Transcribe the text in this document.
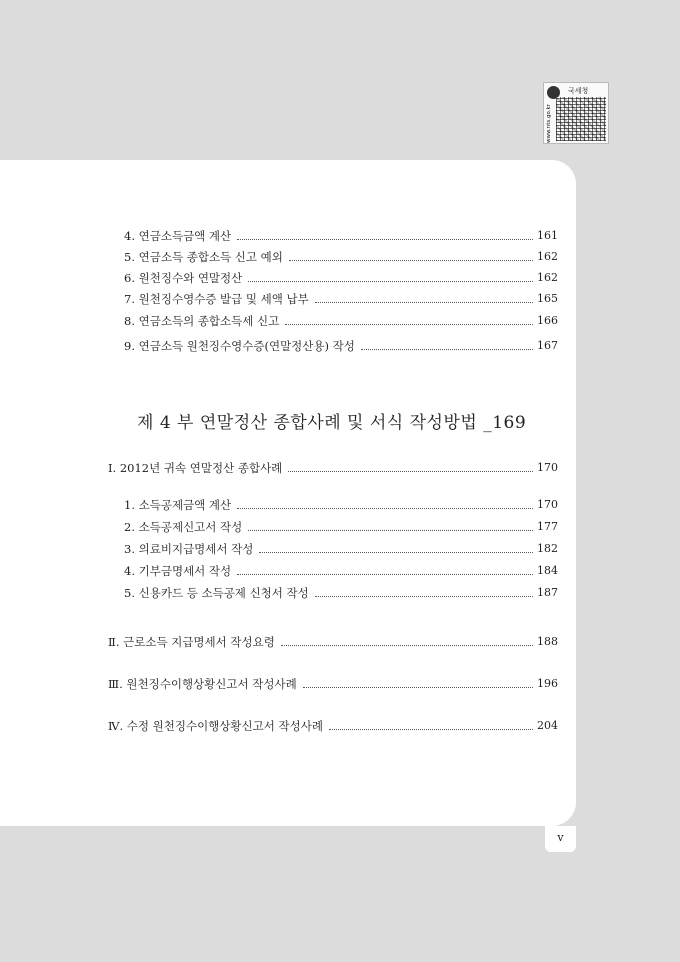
국세청
www.nts.go.kr
4. 연금소득금액 계산	161
5. 연금소득 종합소득 신고 예외	162
6. 원천징수와 연말정산	162
7. 원천징수영수증 발급 및 세액 납부	165
8. 연금소득의 종합소득세 신고	166
9. 연금소득 원천징수영수증(연말정산용) 작성	167
제 4 부 연말정산 종합사례 및 서식 작성방법 _169
Ⅰ. 2012년 귀속 연말정산 종합사례	170
1. 소득공제금액 계산	170
2. 소득공제신고서 작성	177
3. 의료비지급명세서 작성	182
4. 기부금명세서 작성	184
5. 신용카드 등 소득공제 신청서 작성	187
Ⅱ. 근로소득 지급명세서 작성요령	188
Ⅲ. 원천징수이행상황신고서 작성사례	196
Ⅳ. 수정 원천징수이행상황신고서 작성사례	204
v
